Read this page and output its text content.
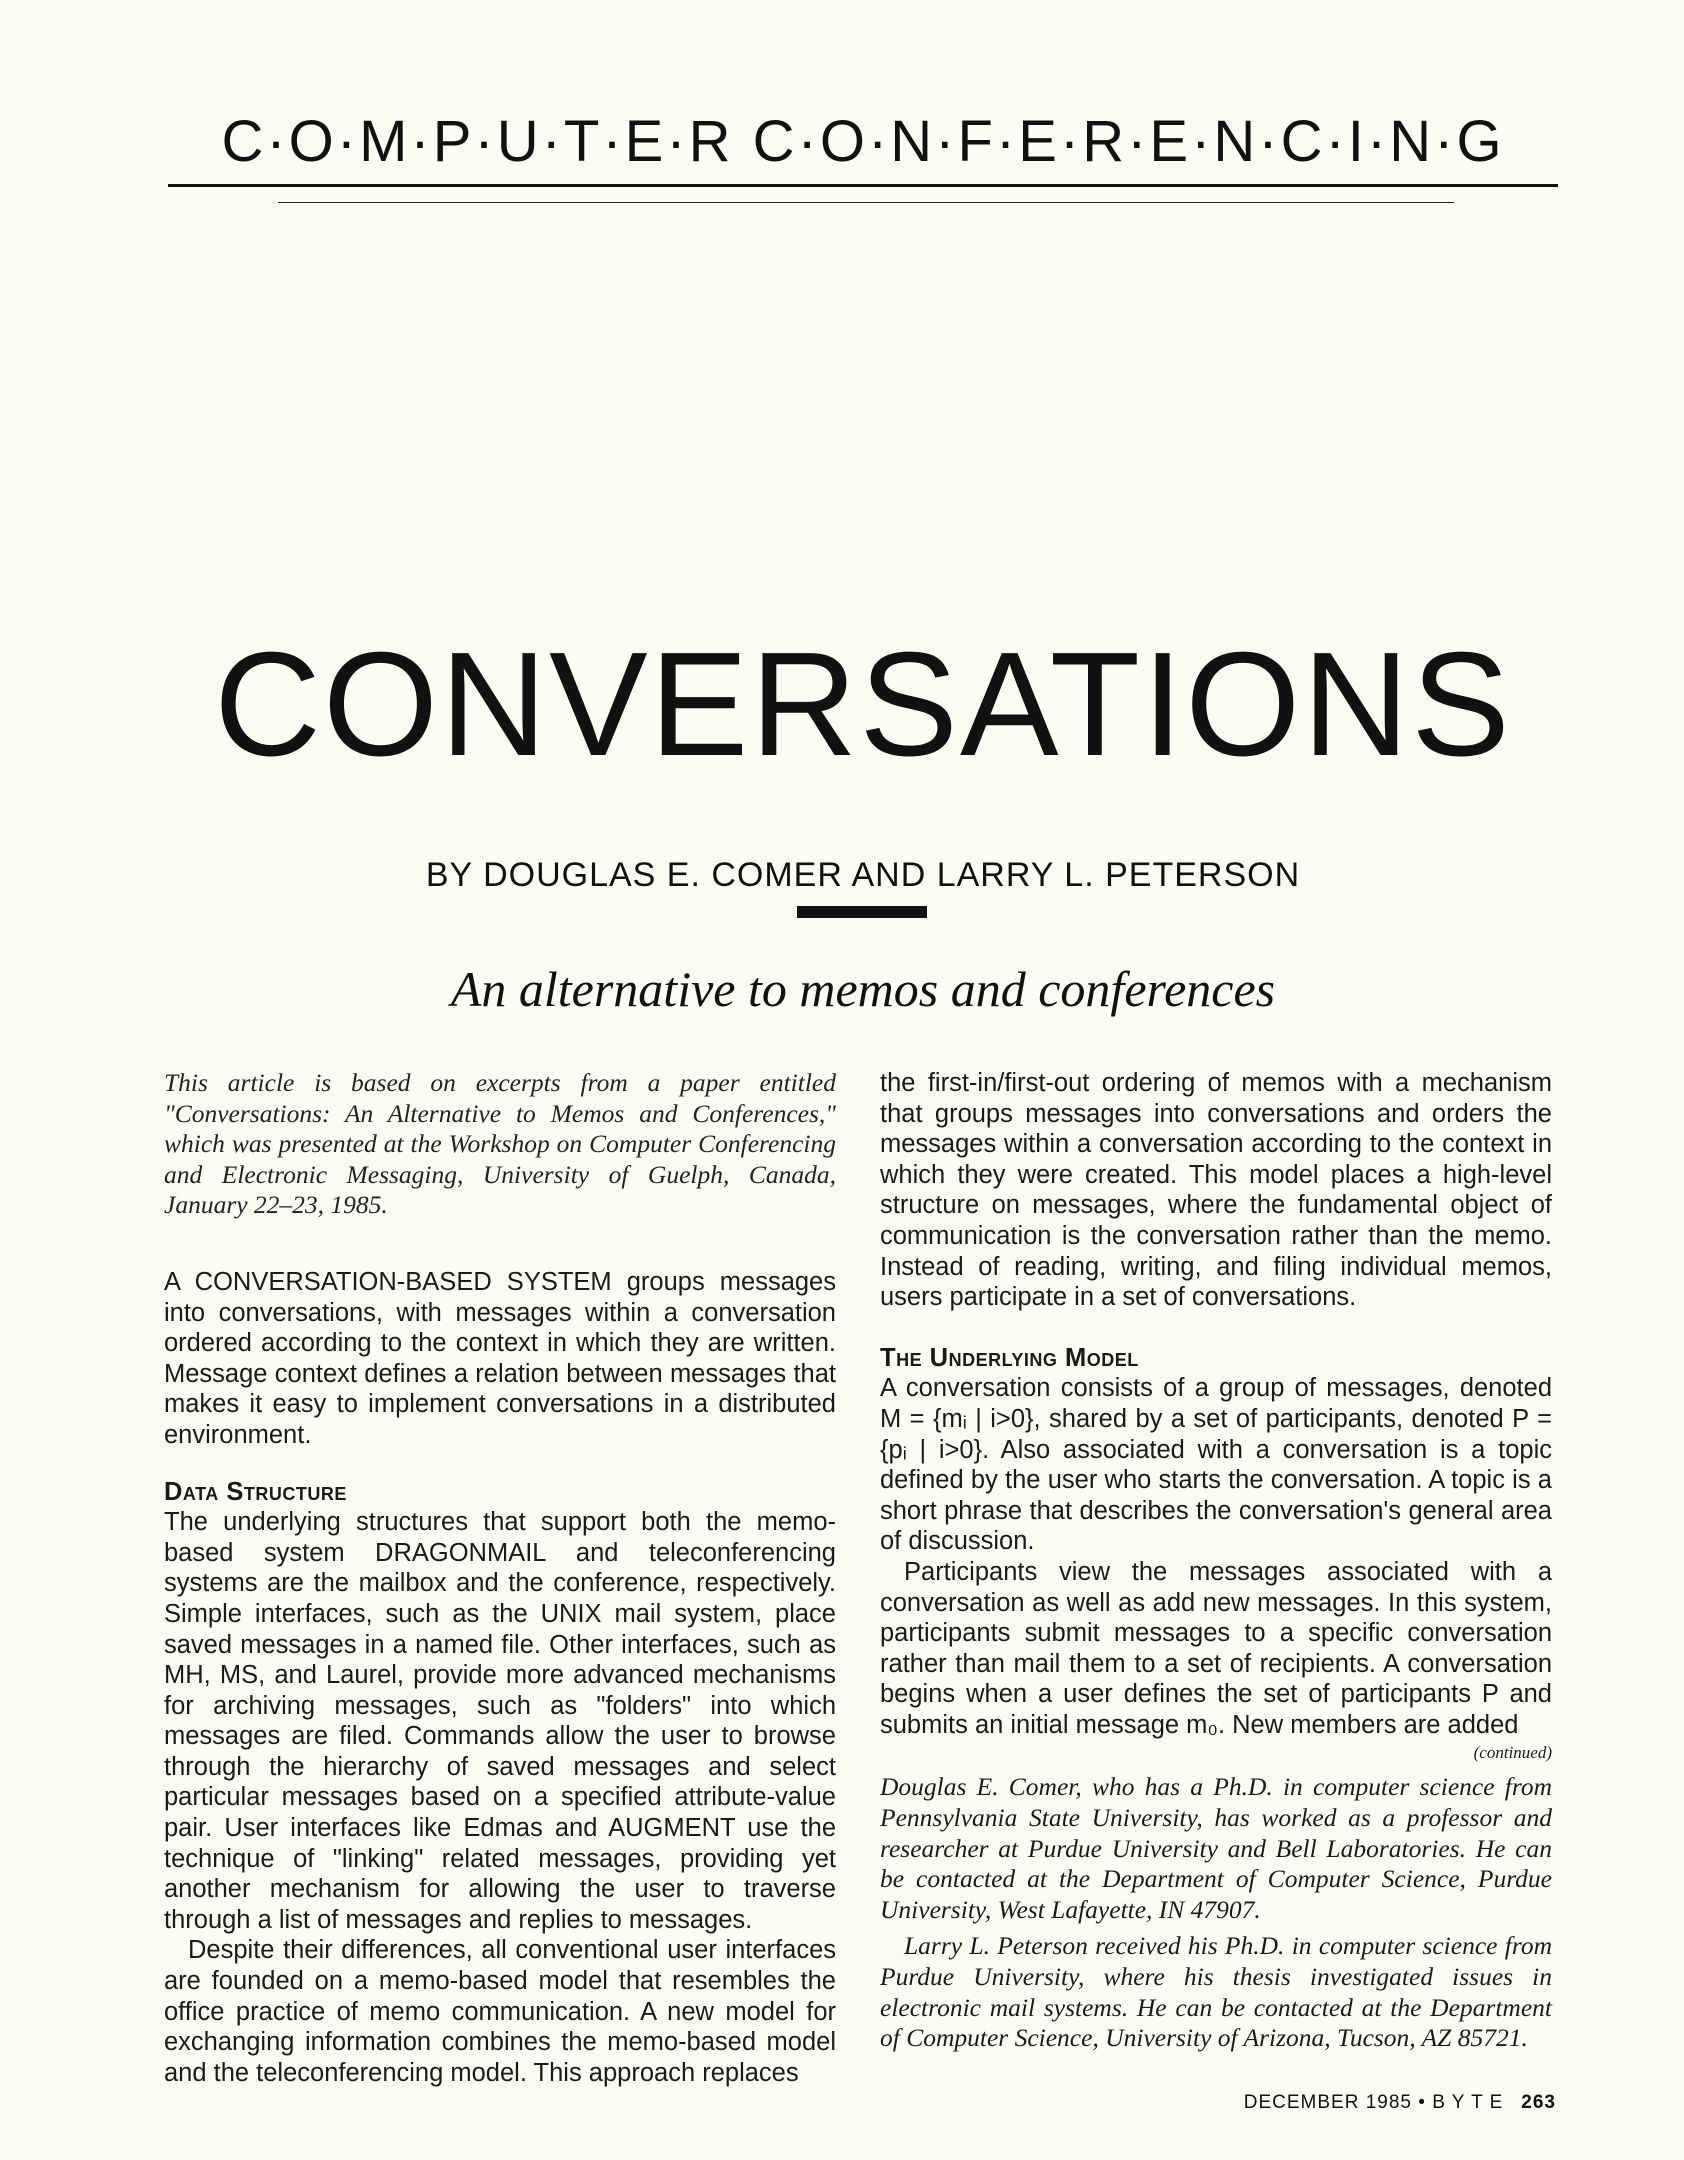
C·O·M·P·U·T·E·R C·O·N·F·E·R·E·N·C·I·N·G
CONVERSATIONS
BY DOUGLAS E. COMER AND LARRY L. PETERSON
An alternative to memos and conferences

This article is based on excerpts from a paper entitled "Conversations: An Alternative to Memos and Conferences," which was presented at the Workshop on Computer Conferencing and Electronic Messaging, University of Guelph, Canada, January 22–23, 1985.

A CONVERSATION-BASED SYSTEM groups messages into conversations, with messages within a conversation ordered according to the context in which they are written. Message context defines a relation between messages that makes it easy to implement conversations in a distributed environment.

Data Structure

The underlying structures that support both the memo-based system DRAGONMAIL and teleconferencing systems are the mailbox and the conference, respectively. Simple interfaces, such as the UNIX mail system, place saved messages in a named file. Other interfaces, such as MH, MS, and Laurel, provide more advanced mechanisms for archiving messages, such as "folders" into which messages are filed. Commands allow the user to browse through the hierarchy of saved messages and select particular messages based on a specified attribute-value pair. User interfaces like Edmas and AUGMENT use the technique of "linking" related messages, providing yet another mechanism for allowing the user to traverse through a list of messages and replies to messages.

Despite their differences, all conventional user interfaces are founded on a memo-based model that resembles the office practice of memo communication. A new model for exchanging information combines the memo-based model and the teleconferencing model. This approach replaces

the first-in/first-out ordering of memos with a mechanism that groups messages into conversations and orders the messages within a conversation according to the context in which they were created. This model places a high-level structure on messages, where the fundamental object of communication is the conversation rather than the memo. Instead of reading, writing, and filing individual memos, users participate in a set of conversations.

The Underlying Model

A conversation consists of a group of messages, denoted M = {mᵢ | i>0}, shared by a set of participants, denoted P = {pᵢ | i>0}. Also associated with a conversation is a topic defined by the user who starts the conversation. A topic is a short phrase that describes the conversation's general area of discussion.

Participants view the messages associated with a conversation as well as add new messages. In this system, participants submit messages to a specific conversation rather than mail them to a set of recipients. A conversation begins when a user defines the set of participants P and submits an initial message m₀. New members are added

(continued)

Douglas E. Comer, who has a Ph.D. in computer science from Pennsylvania State University, has worked as a professor and researcher at Purdue University and Bell Laboratories. He can be contacted at the Department of Computer Science, Purdue University, West Lafayette, IN 47907.

Larry L. Peterson received his Ph.D. in computer science from Purdue University, where his thesis investigated issues in electronic mail systems. He can be contacted at the Department of Computer Science, University of Arizona, Tucson, AZ 85721.

DECEMBER 1985 • B Y T E 263
